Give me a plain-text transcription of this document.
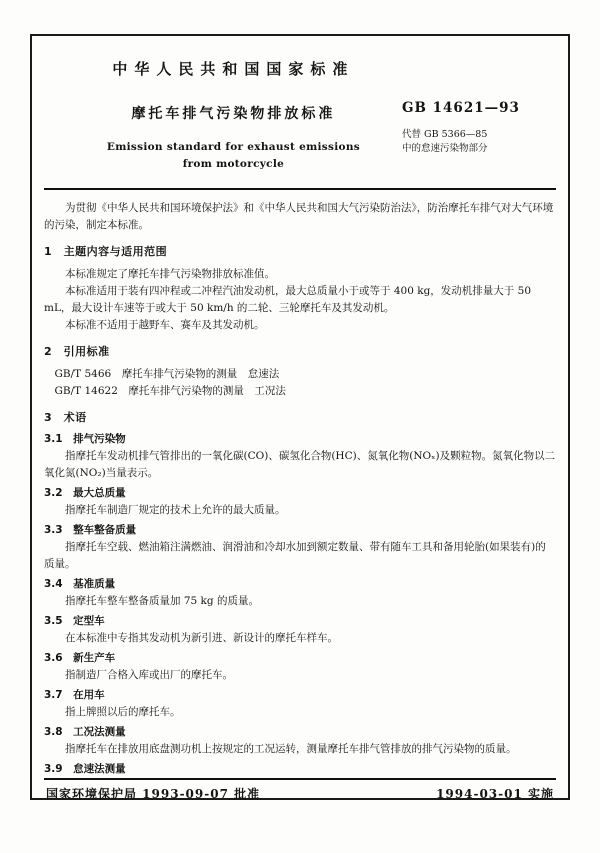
中华人民共和国国家标准
摩托车排气污染物排放标准
Emission standard for exhaust emissions
from motorcycle
GB 14621—93
代替 GB 5366—85
中的怠速污染物部分

为贯彻《中华人民共和国环境保护法》和《中华人民共和国大气污染防治法》，防治摩托车排气对大气环境的污染，制定本标准。

1　主题内容与适用范围

本标准规定了摩托车排气污染物排放标准值。

本标准适用于装有四冲程或二冲程汽油发动机，最大总质量小于或等于 400 kg，发动机排量大于 50 mL，最大设计车速等于或大于 50 km/h 的二轮、三轮摩托车及其发动机。

本标准不适用于越野车、赛车及其发动机。

2　引用标准

GB/T 5466　摩托车排气污染物的测量　怠速法

GB/T 14622　摩托车排气污染物的测量　工况法

3　术语
3.1　排气污染物

指摩托车发动机排气管排出的一氧化碳(CO)、碳氢化合物(HC)、氮氧化物(NOₓ)及颗粒物。氮氧化物以二氧化氮(NO₂)当量表示。

3.2　最大总质量

指摩托车制造厂规定的技术上允许的最大质量。

3.3　整车整备质量

指摩托车空载、燃油箱注满燃油、润滑油和冷却水加到额定数量、带有随车工具和备用轮胎(如果装有)的质量。

3.4　基准质量

指摩托车整车整备质量加 75 kg 的质量。

3.5　定型车

在本标准中专指其发动机为新引进、新设计的摩托车样车。

3.6　新生产车

指制造厂合格入库或出厂的摩托车。

3.7　在用车

指上牌照以后的摩托车。

3.8　工况法测量

指摩托车在排放用底盘测功机上按规定的工况运转，测量摩托车排气管排放的排气污染物的质量。

3.9　怠速法测量
国家环境保护局 1993-09-07 批准	1994-03-01 实施
